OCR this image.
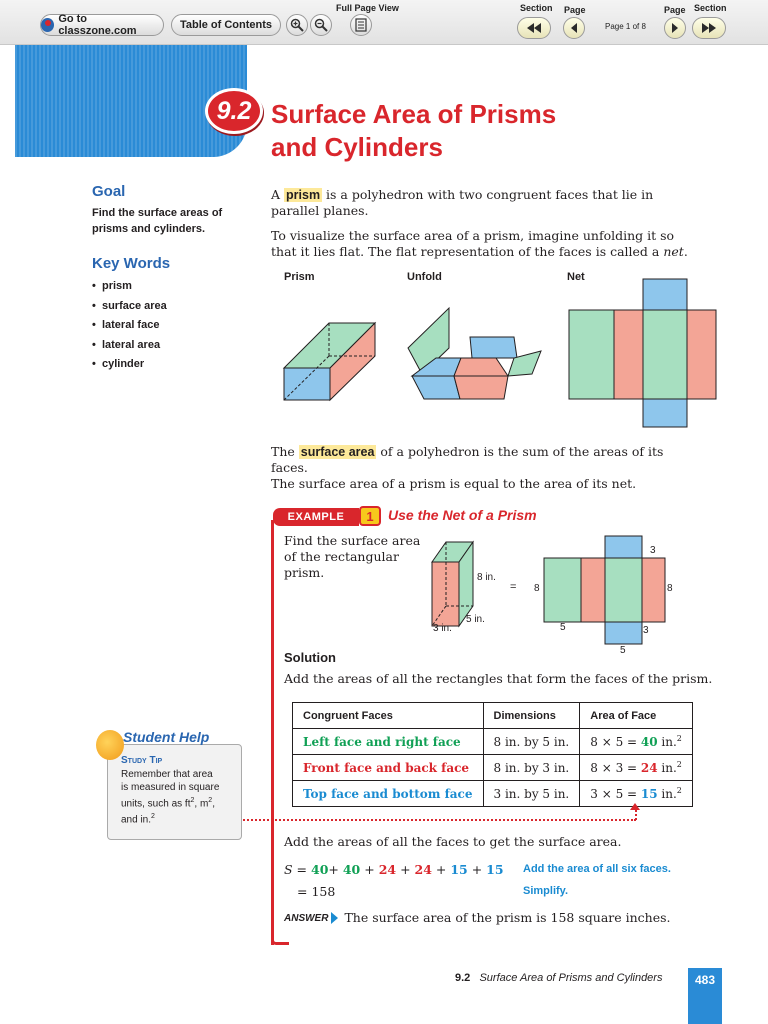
Go to classzone.com	Table of Contents
Full Page View	Section Page
Page 1 of 8
Page Section
9.2 Surface Area of Prisms
and Cylinders
Goal
Find the surface areas of
prisms and cylinders.
Key Words
•  prism
•  surface area
•  lateral face
•  lateral area
•  cylinder
A prism is a polyhedron with two congruent faces that lie in
parallel planes.
To visualize the surface area of a prism, imagine unfolding it so
that it lies flat. The flat representation of the faces is called a net.
Prism	Unfold	Net
The surface area of a polyhedron is the sum of the areas of its faces.
The surface area of a prism is equal to the area of its net.
EXAMPLE	1	Use the Net of a Prism
Find the surface area
of the rectangular
prism.	8 in.
3 in.
5 in.
=
3
8	8
5	3
5
Solution
Add the areas of all the rectangles that form the faces of the prism.
Congruent Faces	Dimensions	Area of Face
Left face and right face	8 in. by 5 in.	8 × 5 = 40 in.$^2$
Front face and back face	8 in. by 3 in.	8 × 3 = 24 in.$^2$
Top face and bottom face	3 in. by 5 in.	3 × 5 = 15 in.$^2$
Add the areas of all the faces to get the surface area.
S = 40+ 40 + 24 + 24 + 15 + 15
= 158
Add the area of all six faces.
Simplify.
ANSWER The surface area of the prism is 158 square inches.
Student Help
Study Tip
Remember that area
is measured in square
units, such as $ft^2$, $m^2$,
and in.$^2$
9.2 Surface Area of Prisms and Cylinders	483
